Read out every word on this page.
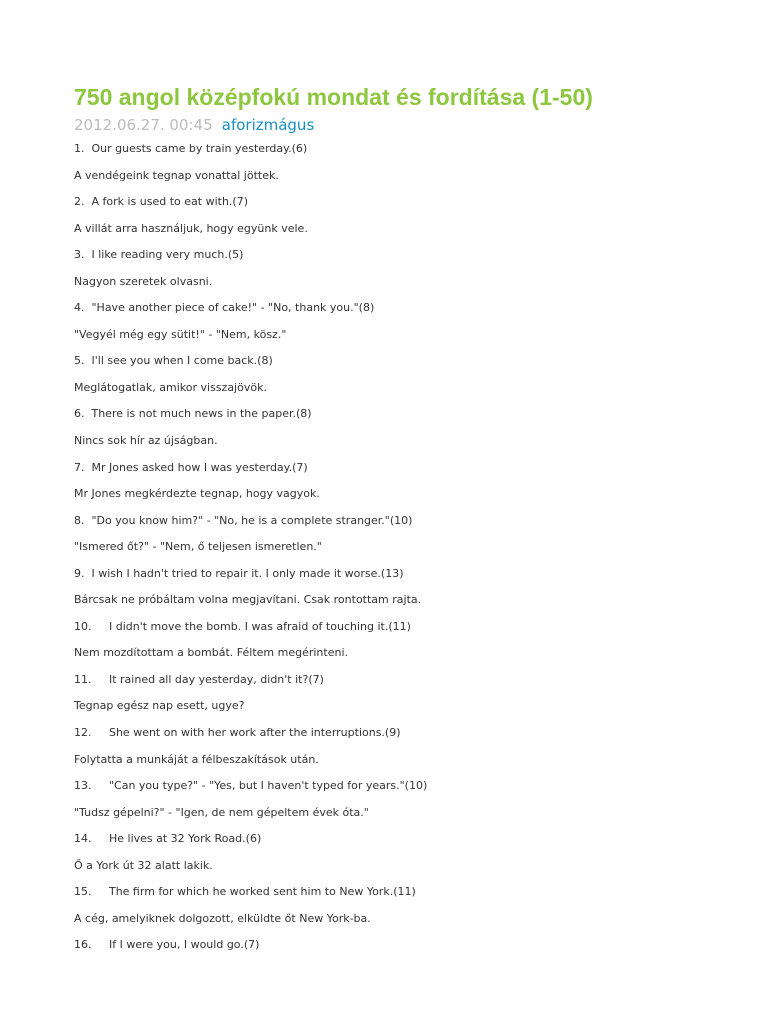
750 angol középfokú mondat és fordítása (1-50)
2012.06.27. 00:45 aforizmágus
1.  Our guests came by train yesterday.(6)
A vendégeink tegnap vonattal jöttek.
2.  A fork is used to eat with.(7)
A villát arra használjuk, hogy együnk vele.
3.  I like reading very much.(5)
Nagyon szeretek olvasni.
4.  "Have another piece of cake!" - "No, thank you."(8)
"Vegyél még egy sütit!" - "Nem, kösz."
5.  I'll see you when I come back.(8)
Meglátogatlak, amikor visszajövök.
6.  There is not much news in the paper.(8)
Nincs sok hír az újságban.
7.  Mr Jones asked how I was yesterday.(7)
Mr Jones megkérdezte tegnap, hogy vagyok.
8.  "Do you know him?" - "No, he is a complete stranger."(10)
"Ismered őt?" - "Nem, ő teljesen ismeretlen."
9.  I wish I hadn't tried to repair it. I only made it worse.(13)
Bárcsak ne próbáltam volna megjavítani. Csak rontottam rajta.
10.     I didn't move the bomb. I was afraid of touching it.(11)
Nem mozdítottam a bombát. Féltem megérinteni.
11.     It rained all day yesterday, didn't it?(7)
Tegnap egész nap esett, ugye?
12.     She went on with her work after the interruptions.(9)
Folytatta a munkáját a félbeszakítások után.
13.     "Can you type?" - "Yes, but I haven't typed for years."(10)
"Tudsz gépelni?" - "Igen, de nem gépeltem évek óta."
14.     He lives at 32 York Road.(6)
Ő a York út 32 alatt lakik.
15.     The firm for which he worked sent him to New York.(11)
A cég, amelyiknek dolgozott, elküldte őt New York-ba.
16.     If I were you, I would go.(7)
